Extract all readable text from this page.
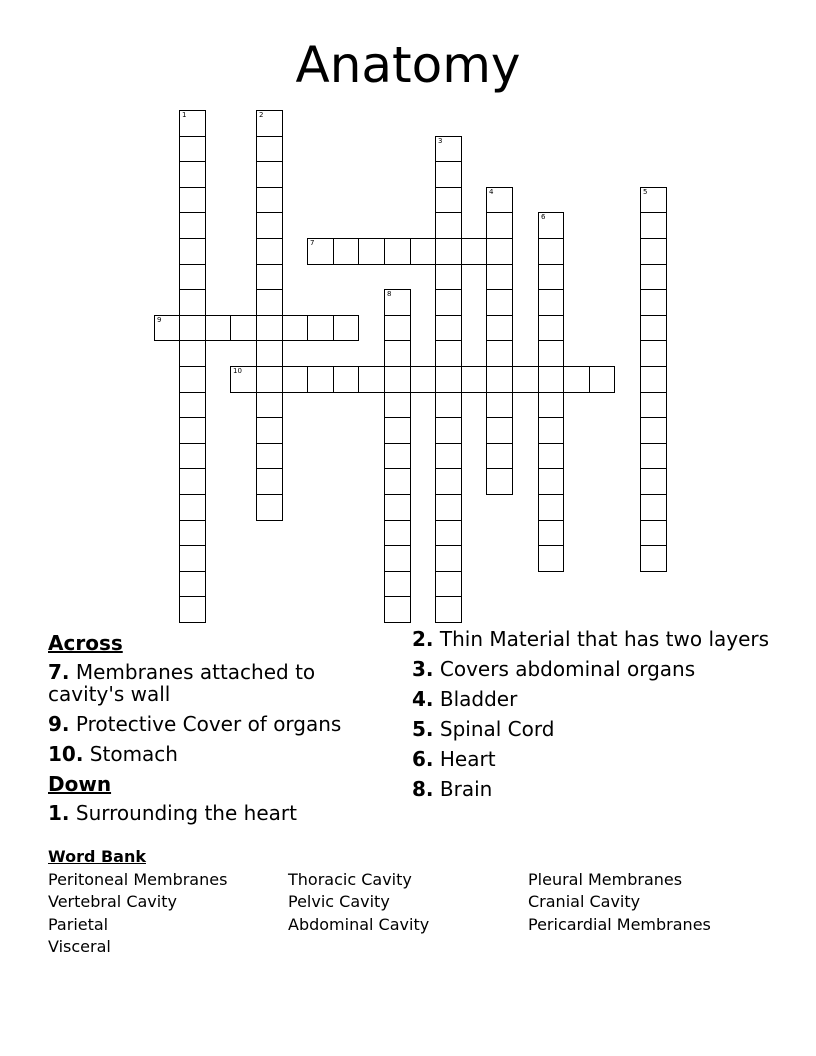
Anatomy
1	2
3
4	5
6
7
8
9
10
Across
7. Membranes attached to cavity's wall
9. Protective Cover of organs
10. Stomach
Down
1. Surrounding the heart
2. Thin Material that has two layers
3. Covers abdominal organs
4. Bladder
5. Spinal Cord
6. Heart
8. Brain
Word Bank
Peritoneal Membranes	Thoracic Cavity	Pleural Membranes
Vertebral Cavity	Pelvic Cavity	Cranial Cavity
Parietal	Abdominal Cavity	Pericardial Membranes
Visceral
